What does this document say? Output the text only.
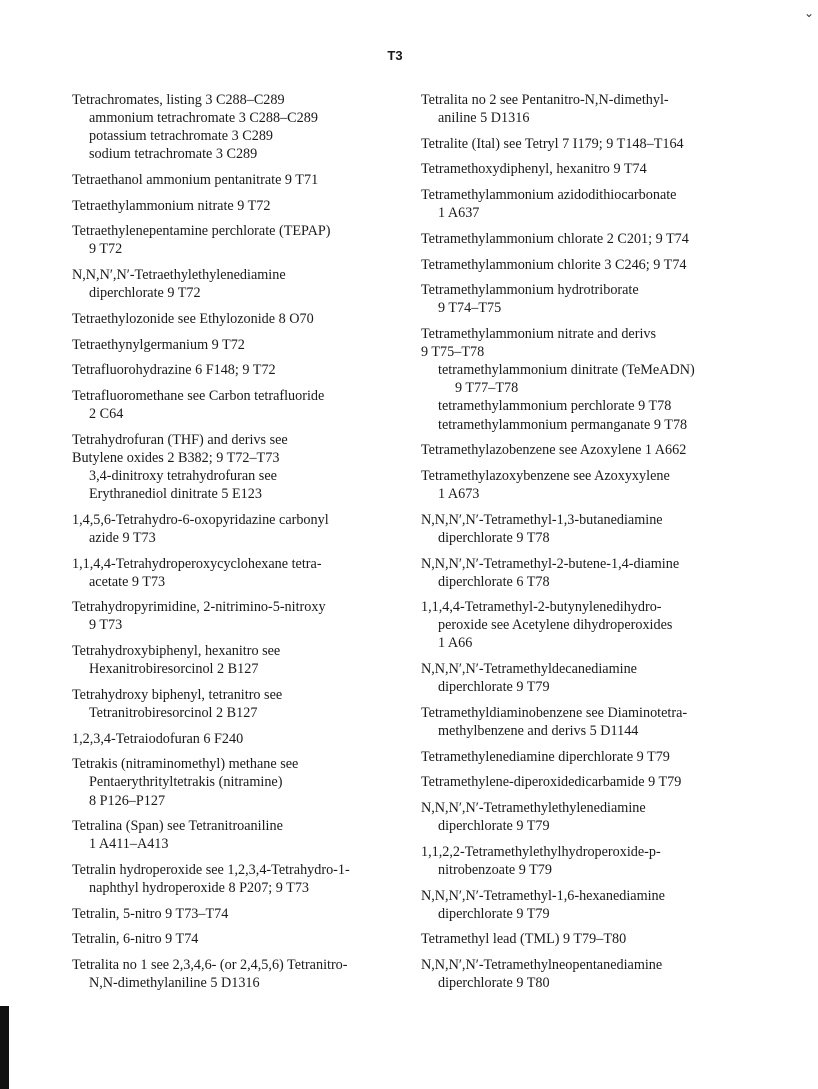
⌄
T3
Tetrachromates, listing 3 C288–C289
ammonium tetrachromate 3 C288–C289
potassium tetrachromate 3 C289
sodium tetrachromate 3 C289
Tetraethanol ammonium pentanitrate 9 T71
Tetraethylammonium nitrate 9 T72
Tetraethylenepentamine perchlorate (TEPAP)
9 T72
N,N,N′,N′-Tetraethylethylenediamine
diperchlorate 9 T72
Tetraethylozonide see Ethylozonide 8 O70
Tetraethynylgermanium 9 T72
Tetrafluorohydrazine 6 F148; 9 T72
Tetrafluoromethane see Carbon tetrafluoride
2 C64
Tetrahydrofuran (THF) and derivs see
Butylene oxides 2 B382; 9 T72–T73
3,4-dinitroxy tetrahydrofuran see
Erythranediol dinitrate 5 E123
1,4,5,6-Tetrahydro-6-oxopyridazine carbonyl
azide 9 T73
1,1,4,4-Tetrahydroperoxycyclohexane tetra-
acetate 9 T73
Tetrahydropyrimidine, 2-nitrimino-5-nitroxy
9 T73
Tetrahydroxybiphenyl, hexanitro see
Hexanitrobiresorcinol 2 B127
Tetrahydroxy biphenyl, tetranitro see
Tetranitrobiresorcinol 2 B127
1,2,3,4-Tetraiodofuran 6 F240
Tetrakis (nitraminomethyl) methane see
Pentaerythrityltetrakis (nitramine)
8 P126–P127
Tetralina (Span) see Tetranitroaniline
1 A411–A413
Tetralin hydroperoxide see 1,2,3,4-Tetrahydro-1-
naphthyl hydroperoxide 8 P207; 9 T73
Tetralin, 5-nitro 9 T73–T74
Tetralin, 6-nitro 9 T74
Tetralita no 1 see 2,3,4,6- (or 2,4,5,6) Tetranitro-
N,N-dimethylaniline 5 D1316
Tetralita no 2 see Pentanitro-N,N-dimethyl-
aniline 5 D1316
Tetralite (Ital) see Tetryl 7 I179; 9 T148–T164
Tetramethoxydiphenyl, hexanitro 9 T74
Tetramethylammonium azidodithiocarbonate
1 A637
Tetramethylammonium chlorate 2 C201; 9 T74
Tetramethylammonium chlorite 3 C246; 9 T74
Tetramethylammonium hydrotriborate
9 T74–T75
Tetramethylammonium nitrate and derivs
9 T75–T78
tetramethylammonium dinitrate (TeMeADN)
9 T77–T78
tetramethylammonium perchlorate 9 T78
tetramethylammonium permanganate 9 T78
Tetramethylazobenzene see Azoxylene 1 A662
Tetramethylazoxybenzene see Azoxyxylene
1 A673
N,N,N′,N′-Tetramethyl-1,3-butanediamine
diperchlorate 9 T78
N,N,N′,N′-Tetramethyl-2-butene-1,4-diamine
diperchlorate 6 T78
1,1,4,4-Tetramethyl-2-butynylenedihydro-
peroxide see Acetylene dihydroperoxides
1 A66
N,N,N′,N′-Tetramethyldecanediamine
diperchlorate 9 T79
Tetramethyldiaminobenzene see Diaminotetra-
methylbenzene and derivs 5 D1144
Tetramethylenediamine diperchlorate 9 T79
Tetramethylene-diperoxidedicarbamide 9 T79
N,N,N′,N′-Tetramethylethylenediamine
diperchlorate 9 T79
1,1,2,2-Tetramethylethylhydroperoxide-p-
nitrobenzoate 9 T79
N,N,N′,N′-Tetramethyl-1,6-hexanediamine
diperchlorate 9 T79
Tetramethyl lead (TML) 9 T79–T80
N,N,N′,N′-Tetramethylneopentanediamine
diperchlorate 9 T80
